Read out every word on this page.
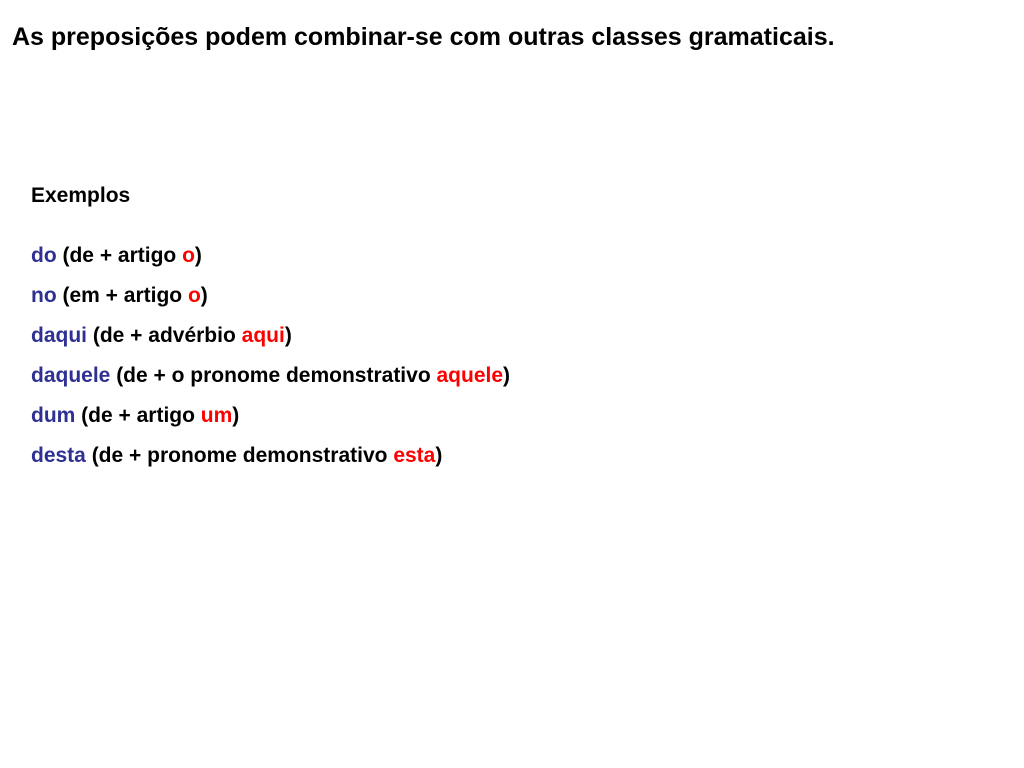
As preposições podem combinar-se com outras classes gramaticais.
Exemplos
do (de + artigo o)
no (em + artigo o)
daqui (de + advérbio aqui)
daquele (de + o pronome demonstrativo aquele)
dum (de + artigo um)
desta (de + pronome demonstrativo esta)
